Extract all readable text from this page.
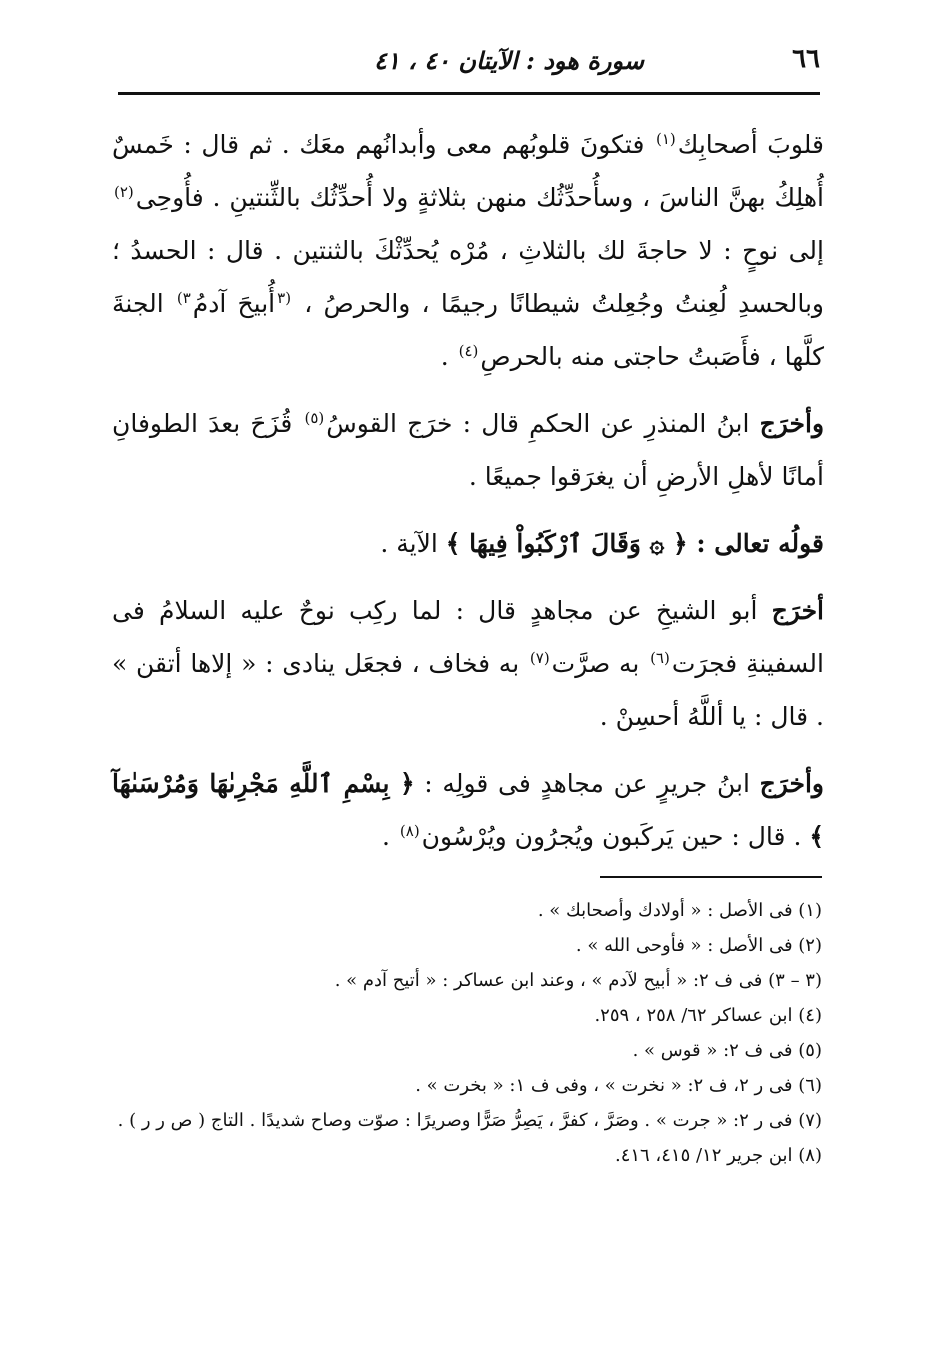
٦٦
سورة هود : الآيتان ٤٠ ، ٤١

قلوبَ أصحابِك$^{(١)}$ فتكونَ قلوبُهم معى وأبدانُهم معَك . ثم قال : خَمسٌ أُهلِكُ بهنَّ الناسَ ، وسأُحدِّثُك منهن بثلاثةٍ ولا أُحدِّثُك بالثِّنتينِ . فأُوحِى$^{(٢)}$ إلى نوحٍ : لا حاجةَ لك بالثلاثِ ، مُرْه يُحدِّثْكَ بالثنتين . قال : الحسدُ ؛ وبالحسدِ لُعِنتُ وجُعِلتُ شيطانًا رجيمًا ، والحرصُ ، $^{(٣}$أُبيحَ آدمُ$^{٣)}$ الجنةَ كلَّها ، فأَصَبتُ حاجتى منه بالحرصِ$^{(٤)}$ .

وأخرَج ابنُ المنذرِ عن الحكمِ قال : خرَج القوسُ$^{(٥)}$ قُزَحَ بعدَ الطوفانِ أمانًا لأهلِ الأرضِ أن يغرَقوا جميعًا .

قولُه تعالى : ﴿ ۞ وَقَالَ ٱرْكَبُواْ فِيهَا ﴾ الآية .

أخرَج أبو الشيخِ عن مجاهدٍ قال : لما ركِب نوحٌ عليه السلامُ فى السفينةِ فجرَت$^{(٦)}$ به صرَّت$^{(٧)}$ به فخاف ، فجعَل ينادى : « إلاها أتقن » . قال : يا أللَّهُ أحسِنْ .

وأخرَج ابنُ جريرٍ عن مجاهدٍ فى قولِه : ﴿ بِسْمِ ٱللَّهِ مَجْرِىٰهَا وَمُرْسَىٰهَآ ﴾ . قال : حين يَركَبون ويُجرُون ويُرْسُون$^{(٨)}$ .

(١) فى الأصل : « أولادك وأصحابك » .

(٢) فى الأصل : « فأوحى الله » .

(٣ – ٣) فى ف ٢: « أبيح لآدم » ، وعند ابن عساكر : « أتيح آدم » .

(٤) ابن عساكر ٦٢/ ٢٥٨ ، ٢٥٩.

(٥) فى ف ٢: « قوس » .

(٦) فى ر ٢، ف ٢: « نخرت » ، وفى ف ١: « بخرت » .

(٧) فى ر ٢: « جرت » . وصَرَّ ، كفرَّ ، يَصِرُّ صَرًّا وصريرًا : صوّت وصاح شديدًا . التاج ( ص ر ر ) .

(٨) ابن جرير ١٢/ ٤١٥، ٤١٦.
